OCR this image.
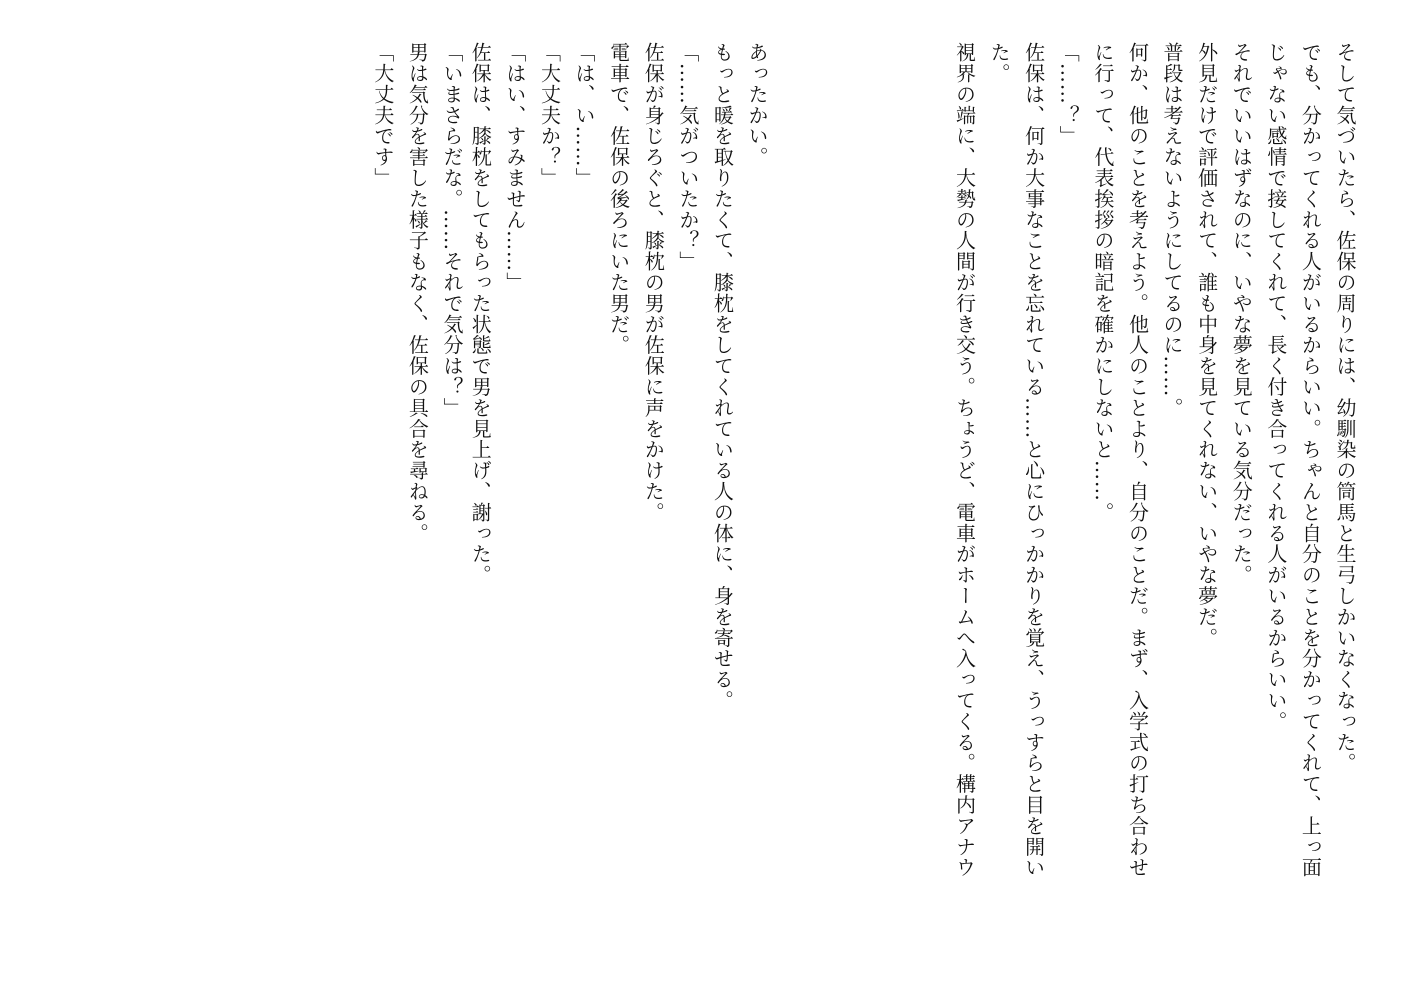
そして気づいたら、佐保の周りには、幼馴染の筒馬と生弓しかいなくなった。
でも、分かってくれる人がいるからいい。ちゃんと自分のことを分かってくれて、上っ面
じゃない感情で接してくれて、長く付き合ってくれる人がいるからいい。
それでいいはずなのに、いやな夢を見ている気分だった。
外見だけで評価されて、誰も中身を見てくれない、いやな夢だ。
普段は考えないようにしてるのに……。
何か、他のことを考えよう。他人のことより、自分のことだ。まず、入学式の打ち合わせ
に行って、代表挨拶の暗記を確かにしないと……。
「……？」
佐保は、何か大事なことを忘れている……と心にひっかかりを覚え、うっすらと目を開い
た。
視界の端に、大勢の人間が行き交う。ちょうど、電車がホームへ入ってくる。構内アナウ
あったかい。
もっと暖を取りたくて、膝枕をしてくれている人の体に、身を寄せる。
「……気がついたか？」
佐保が身じろぐと、膝枕の男が佐保に声をかけた。
電車で、佐保の後ろにいた男だ。
「は、い……」
「大丈夫か？」
「はい、すみません……」
佐保は、膝枕をしてもらった状態で男を見上げ、謝った。
「いまさらだな。……それで気分は？」
男は気分を害した様子もなく、佐保の具合を尋ねる。
「大丈夫です」
